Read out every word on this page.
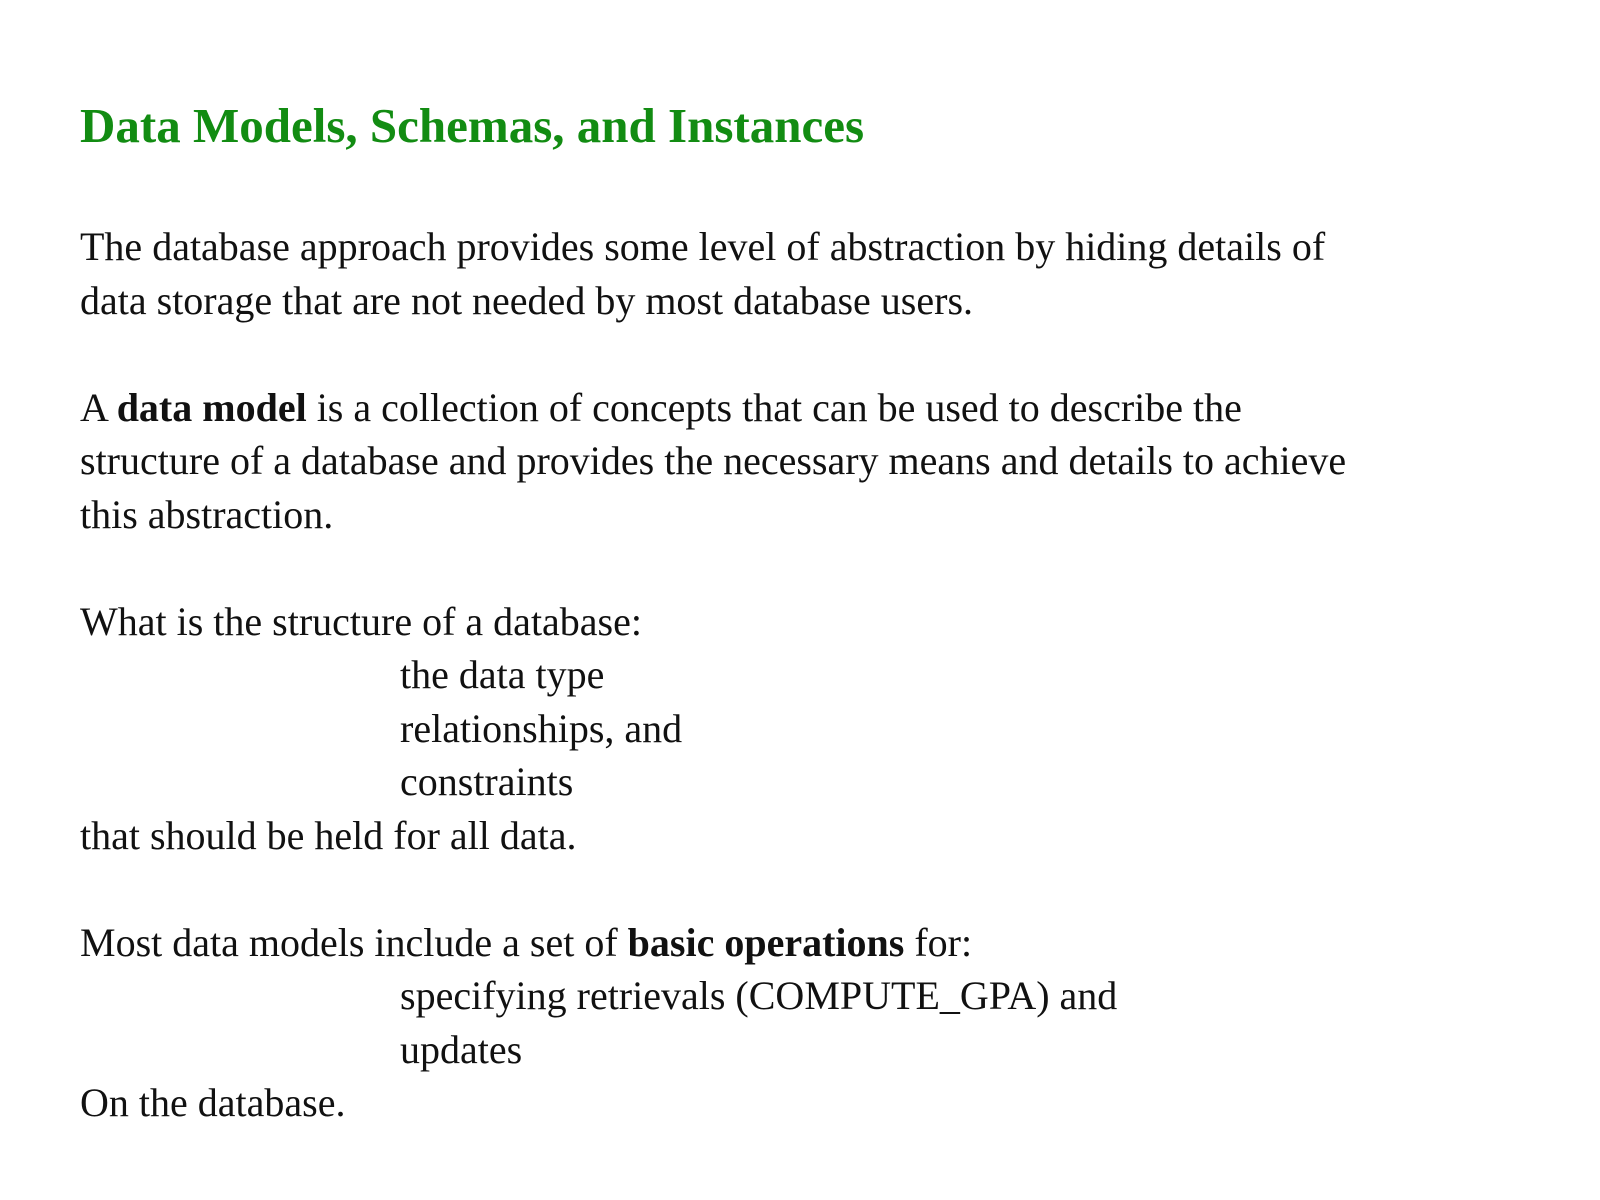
Data Models, Schemas, and Instances

The database approach provides some level of abstraction by hiding details of
data storage that are not needed by most database users.

A data model is a collection of concepts that can be used to describe the
structure of a database and provides the necessary means and details to achieve
this abstraction.

What is the structure of a database:
the data type
relationships, and
constraints
that should be held for all data.

Most data models include a set of basic operations for:
specifying retrievals (COMPUTE_GPA) and
updates
On the database.
